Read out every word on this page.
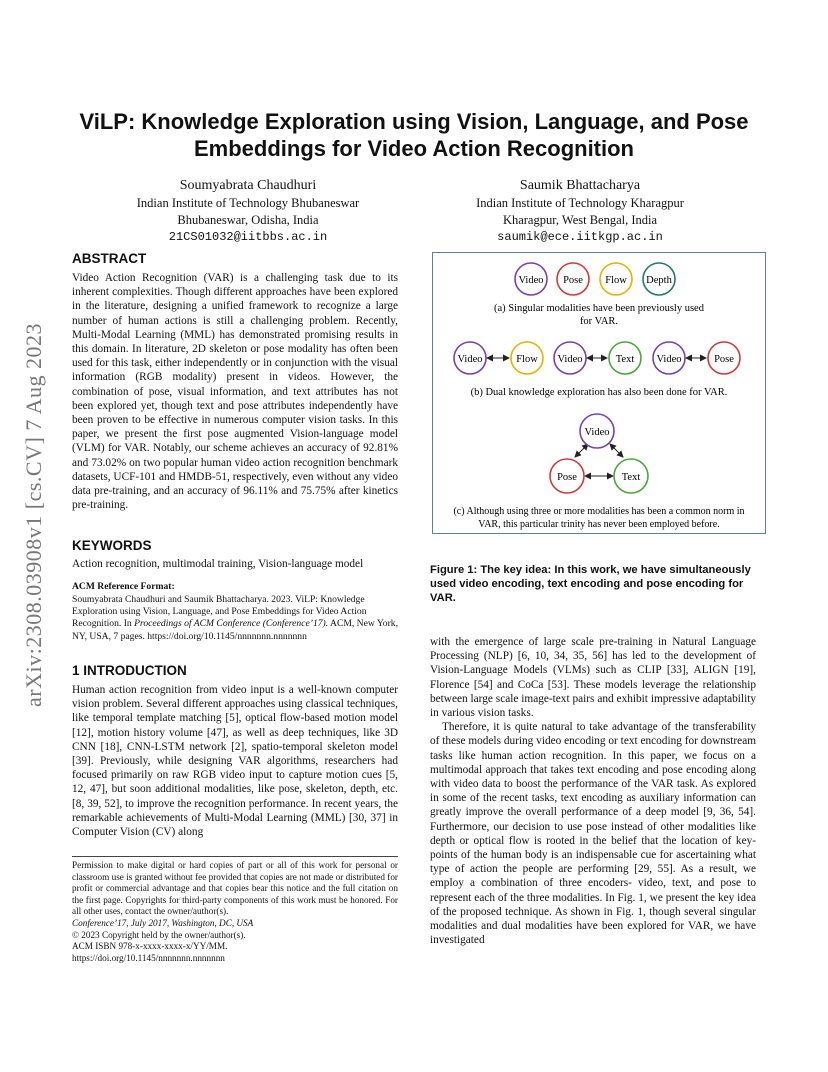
arXiv:2308.03908v1 [cs.CV] 7 Aug 2023
ViLP: Knowledge Exploration using Vision, Language, and Pose
Embeddings for Video Action Recognition
Soumyabrata Chaudhuri
Indian Institute of Technology Bhubaneswar
Bhubaneswar, Odisha, India
21CS01032@iitbbs.ac.in
Saumik Bhattacharya
Indian Institute of Technology Kharagpur
Kharagpur, West Bengal, India
saumik@ece.iitkgp.ac.in
ABSTRACT
Video Action Recognition (VAR) is a challenging task due to its inherent complexities. Though different approaches have been explored in the literature, designing a unified framework to recognize a large number of human actions is still a challenging problem. Recently, Multi-Modal Learning (MML) has demonstrated promising results in this domain. In literature, 2D skeleton or pose modality has often been used for this task, either independently or in conjunction with the visual information (RGB modality) present in videos. However, the combination of pose, visual information, and text attributes has not been explored yet, though text and pose attributes independently have been proven to be effective in numerous computer vision tasks. In this paper, we present the first pose augmented Vision-language model (VLM) for VAR. Notably, our scheme achieves an accuracy of 92.81% and 73.02% on two popular human video action recognition benchmark datasets, UCF-101 and HMDB-51, respectively, even without any video data pre-training, and an accuracy of 96.11% and 75.75% after kinetics pre-training.
KEYWORDS
Action recognition, multimodal training, Vision-language model
ACM Reference Format:
Soumyabrata Chaudhuri and Saumik Bhattacharya. 2023. ViLP: Knowledge Exploration using Vision, Language, and Pose Embeddings for Video Action Recognition. In Proceedings of ACM Conference (Conference’17). ACM, New York, NY, USA, 7 pages. https://doi.org/10.1145/nnnnnnn.nnnnnnn
1 INTRODUCTION
Human action recognition from video input is a well-known computer vision problem. Several different approaches using classical techniques, like temporal template matching [5], optical flow-based motion model [12], motion history volume [47], as well as deep techniques, like 3D CNN [18], CNN-LSTM network [2], spatio-temporal skeleton model [39]. Previously, while designing VAR algorithms, researchers had focused primarily on raw RGB video input to capture motion cues [5, 12, 47], but soon additional modalities, like pose, skeleton, depth, etc. [8, 39, 52], to improve the recognition performance. In recent years, the remarkable achievements of Multi-Modal Learning (MML) [30, 37] in Computer Vision (CV) along
Permission to make digital or hard copies of part or all of this work for personal or classroom use is granted without fee provided that copies are not made or distributed for profit or commercial advantage and that copies bear this notice and the full citation on the first page. Copyrights for third-party components of this work must be honored. For all other uses, contact the owner/author(s).
Conference’17, July 2017, Washington, DC, USA
© 2023 Copyright held by the owner/author(s).
ACM ISBN 978-x-xxxx-xxxx-x/YY/MM.
https://doi.org/10.1145/nnnnnnn.nnnnnnn
Video Pose Flow Depth
(a) Singular modalities have been previously used
for VAR.
Video	Flow Video	Text Video	Pose
(b) Dual knowledge exploration has also been done for VAR.
Video
Pose	Text
(c) Although using three or more modalities has been a common norm in
VAR, this particular trinity has never been employed before.
Figure 1: The key idea: In this work, we have simultaneously used video encoding, text encoding and pose encoding for VAR.
with the emergence of large scale pre-training in Natural Language Processing (NLP) [6, 10, 34, 35, 56] has led to the development of Vision-Language Models (VLMs) such as CLIP [33], ALIGN [19], Florence [54] and CoCa [53]. These models leverage the relationship between large scale image-text pairs and exhibit impressive adaptability in various vision tasks.
Therefore, it is quite natural to take advantage of the transferability of these models during video encoding or text encoding for downstream tasks like human action recognition. In this paper, we focus on a multimodal approach that takes text encoding and pose encoding along with video data to boost the performance of the VAR task. As explored in some of the recent tasks, text encoding as auxiliary information can greatly improve the overall performance of a deep model [9, 36, 54]. Furthermore, our decision to use pose instead of other modalities like depth or optical flow is rooted in the belief that the location of key-points of the human body is an indispensable cue for ascertaining what type of action the people are performing [29, 55]. As a result, we employ a combination of three encoders- video, text, and pose to represent each of the three modalities. In Fig. 1, we present the key idea of the proposed technique. As shown in Fig. 1, though several singular modalities and dual modalities have been explored for VAR, we have investigated
